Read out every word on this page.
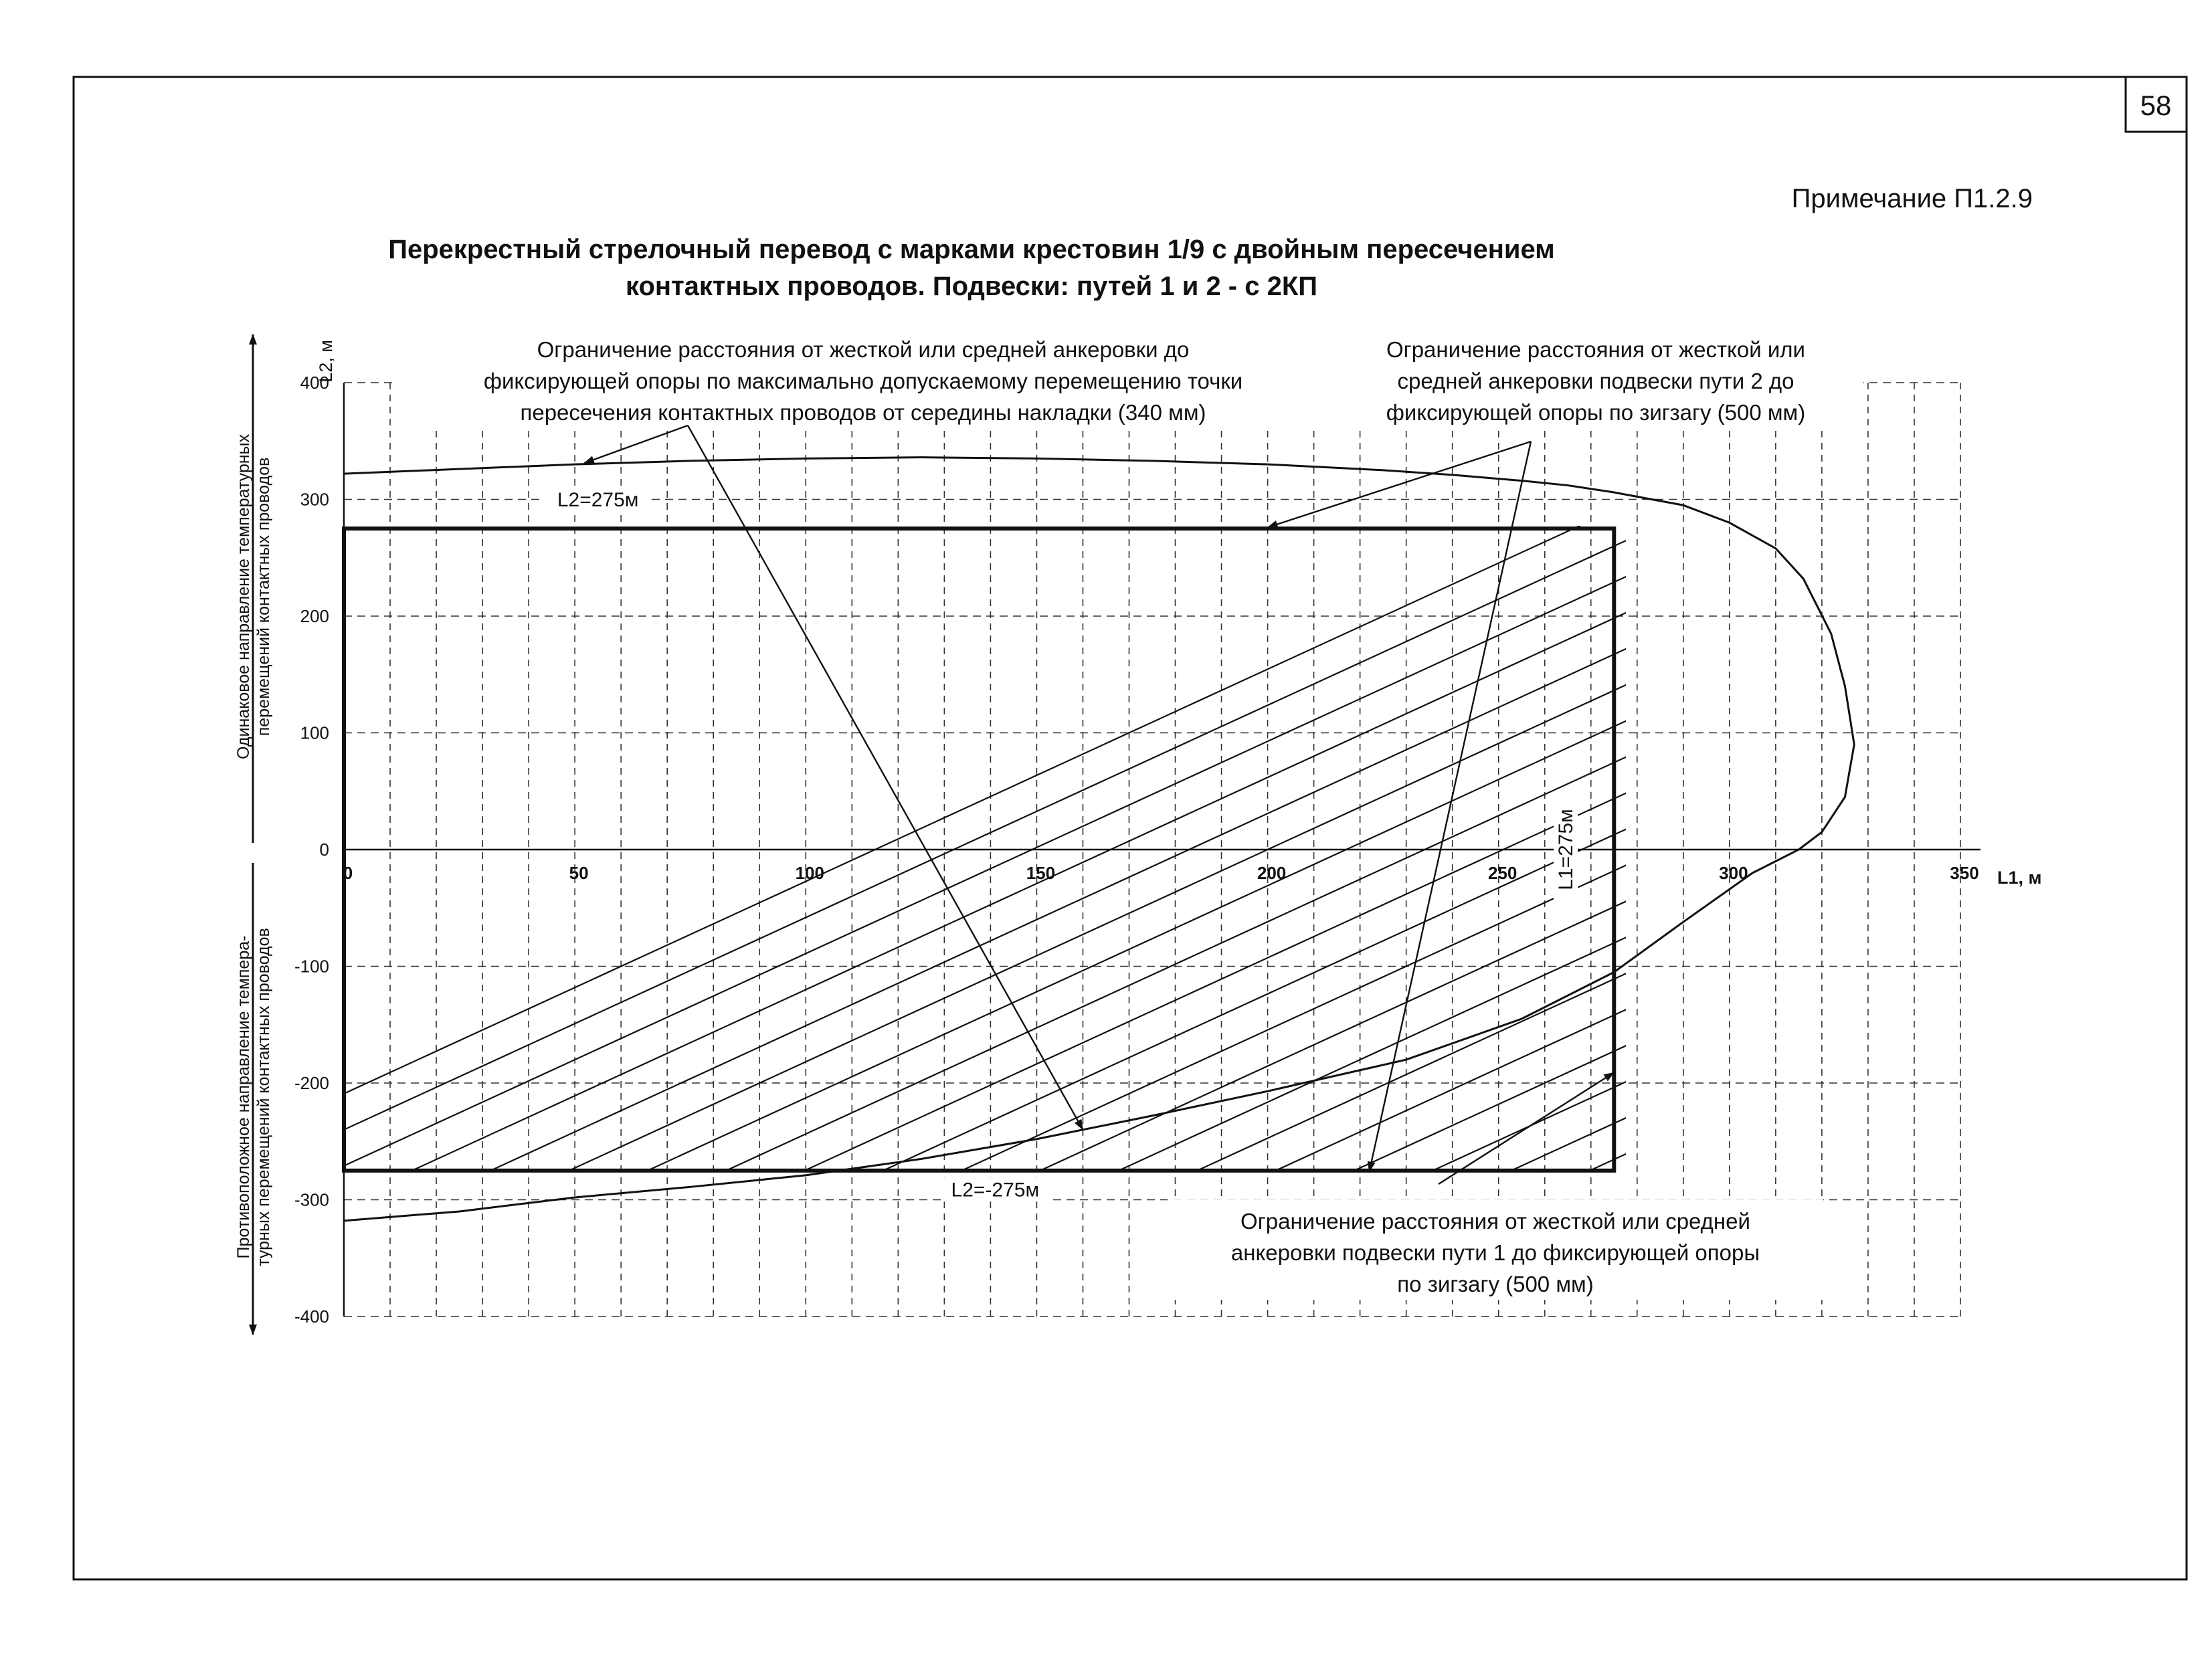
58
Примечание П1.2.9
Перекрестный стрелочный перевод с марками крестовин 1/9 с двойным пересечением
контактных проводов. Подвески: путей 1 и 2 - с 2КП
L2=275м
L2=-275м
L1=275м
0	50	100	150	200	250	300	350
400
300
200
100
0
-100
-200
-300
-400
L2, м
L1, м
Одинаковое направление температурных перемещений контактных проводов
Противоположное направление темпера- турных перемещений контактных проводов
Ограничение расстояния от жесткой или средней анкеровки до
фиксирующей опоры по максимально допускаемому перемещению точки
пересечения контактных проводов от середины накладки (340 мм)
Ограничение расстояния от жесткой или
средней анкеровки подвески пути 2 до
фиксирующей опоры по зигзагу (500 мм)
Ограничение расстояния от жесткой или средней
анкеровки подвески пути 1 до фиксирующей опоры
по зигзагу (500 мм)
